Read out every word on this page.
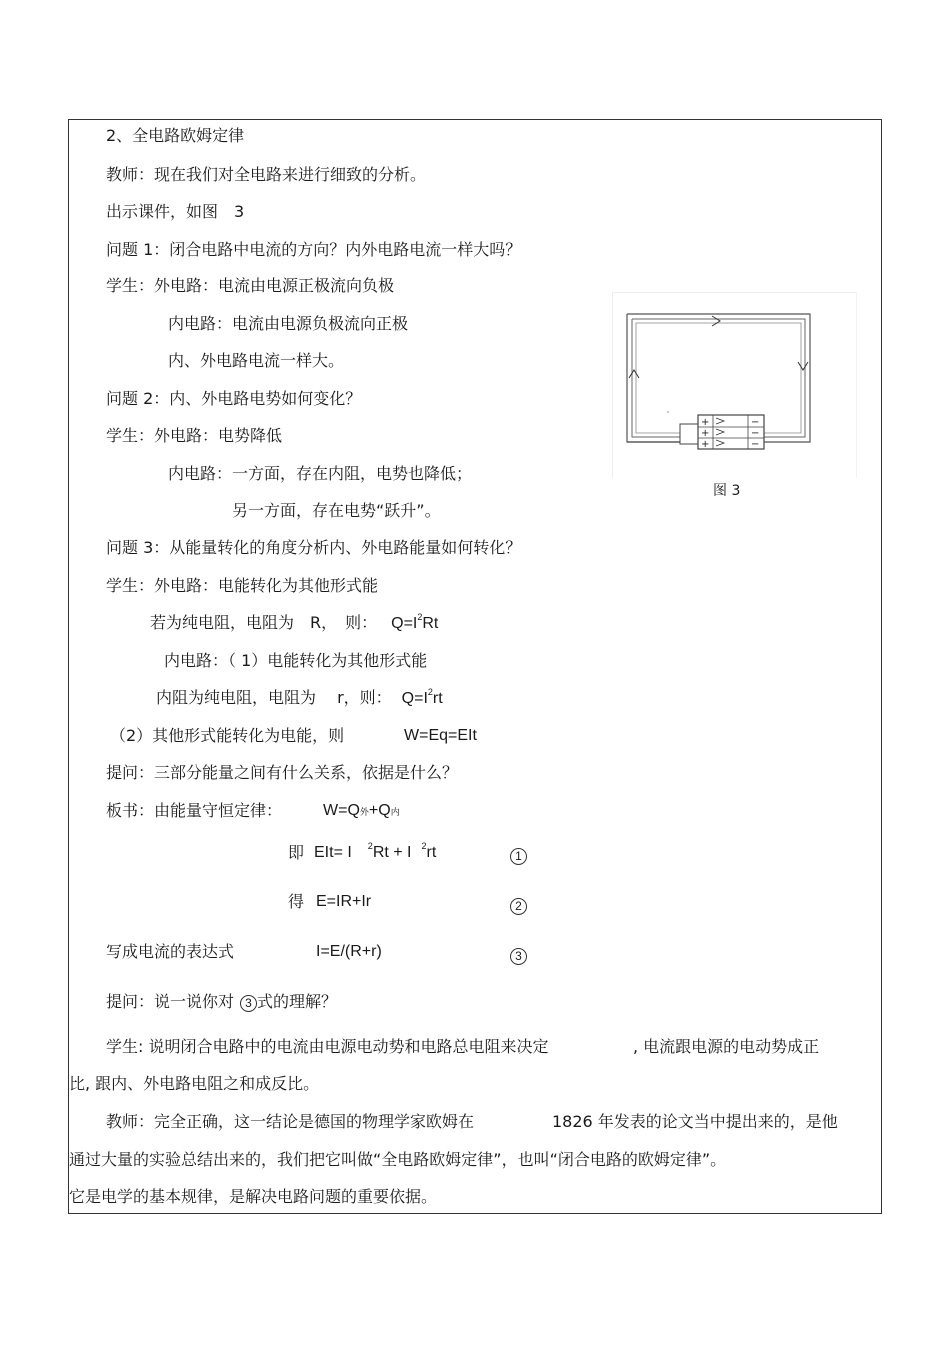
2、全电路欧姆定律
教师：现在我们对全电路来进行细致的分析。
出示课件，如图　3
问题 1：闭合电路中电流的方向？内外电路电流一样大吗？
学生：外电路：电流由电源正极流向负极
内电路：电流由电源负极流向正极
内、外电路电流一样大。
问题 2：内、外电路电势如何变化？
学生：外电路：电势降低
内电路：一方面，存在内阻，电势也降低；
另一方面，存在电势“跃升”。
问题 3：从能量转化的角度分析内、外电路能量如何转化？
学生：外电路：电能转化为其他形式能
若为纯电阻，电阻为　R，　则： $Q=I^2Rt$
内电路：（ 1）电能转化为其他形式能
内阻为纯电阻，电阻为　 r，则： $Q=I^2rt$
（2）其他形式能转化为电能，则	W=Eq=EIt
提问：三部分能量之间有什么关系，依据是什么？
板书：由能量守恒定律：	W=Q外+Q内
即 EIt= I $^2$Rt + I $^2$rt	1
得 E=IR+Ir	2
写成电流的表达式	I=E/(R+r)	3
提问：说一说你对 3 式的理解？
学生: 说明闭合电路中的电流由电源电动势和电路总电阻来决定	, 电流跟电源的电动势成正
比, 跟内、外电路电阻之和成反比。
教师：完全正确，这一结论是德国的物理学家欧姆在	1826 年发表的论文当中提出来的，是他
通过大量的实验总结出来的，我们把它叫做“全电路欧姆定律”，也叫“闭合电路的欧姆定律”。
它是电学的基本规律，是解决电路问题的重要依据。
+
+
+
−
−
−
图 3
